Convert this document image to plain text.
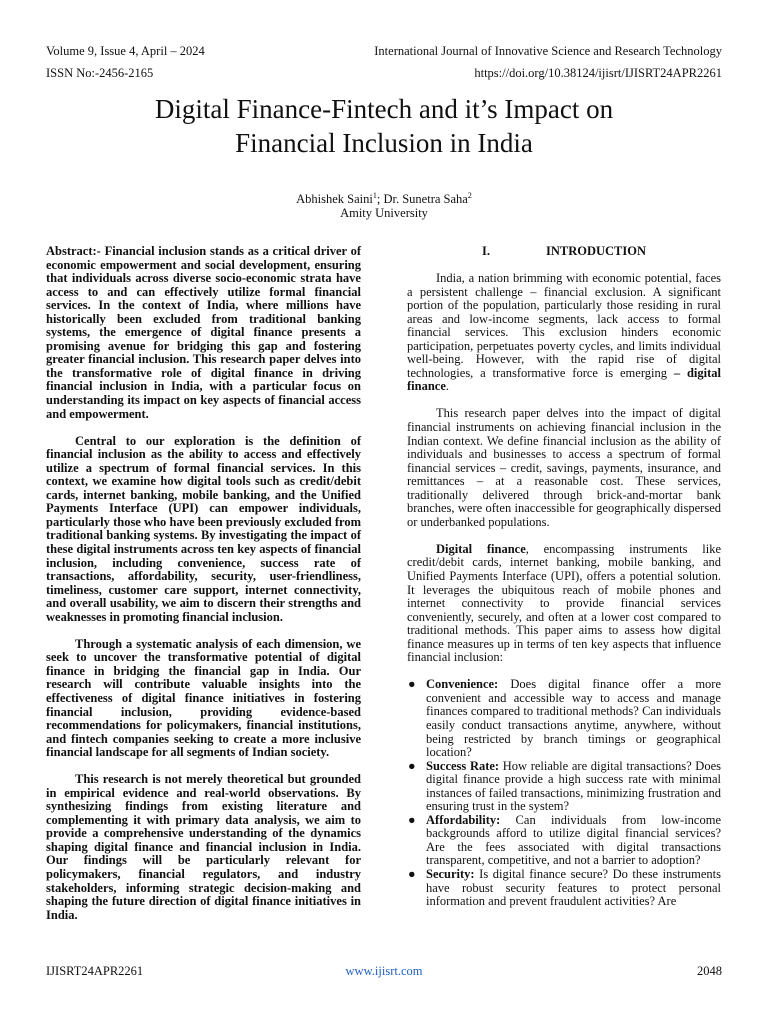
Volume 9, Issue 4, April – 2024
ISSN No:-2456-2165
International Journal of Innovative Science and Research Technology
https://doi.org/10.38124/ijisrt/IJISRT24APR2261
Digital Finance-Fintech and it’s Impact on
Financial Inclusion in India
Abhishek Saini$^1$; Dr. Sunetra Saha$^2$
Amity University

Abstract:- Financial inclusion stands as a critical driver of economic empowerment and social development, ensuring that individuals across diverse socio-economic strata have access to and can effectively utilize formal financial services. In the context of India, where millions have historically been excluded from traditional banking systems, the emergence of digital finance presents a promising avenue for bridging this gap and fostering greater financial inclusion. This research paper delves into the transformative role of digital finance in driving financial inclusion in India, with a particular focus on understanding its impact on key aspects of financial access and empowerment.

Central to our exploration is the definition of financial inclusion as the ability to access and effectively utilize a spectrum of formal financial services. In this context, we examine how digital tools such as credit/debit cards, internet banking, mobile banking, and the Unified Payments Interface (UPI) can empower individuals, particularly those who have been previously excluded from traditional banking systems. By investigating the impact of these digital instruments across ten key aspects of financial inclusion, including convenience, success rate of transactions, affordability, security, user-friendliness, timeliness, customer care support, internet connectivity, and overall usability, we aim to discern their strengths and weaknesses in promoting financial inclusion.

Through a systematic analysis of each dimension, we seek to uncover the transformative potential of digital finance in bridging the financial gap in India. Our research will contribute valuable insights into the effectiveness of digital finance initiatives in fostering financial inclusion, providing evidence-based recommendations for policymakers, financial institutions, and fintech companies seeking to create a more inclusive financial landscape for all segments of Indian society.

This research is not merely theoretical but grounded in empirical evidence and real-world observations. By synthesizing findings from existing literature and complementing it with primary data analysis, we aim to provide a comprehensive understanding of the dynamics shaping digital finance and financial inclusion in India. Our findings will be particularly relevant for policymakers, financial regulators, and industry stakeholders, informing strategic decision-making and shaping the future direction of digital finance initiatives in India.

I.	INTRODUCTION

India, a nation brimming with economic potential, faces a persistent challenge – financial exclusion. A significant portion of the population, particularly those residing in rural areas and low-income segments, lack access to formal financial services. This exclusion hinders economic participation, perpetuates poverty cycles, and limits individual well-being. However, with the rapid rise of digital technologies, a transformative force is emerging – digital finance.

This research paper delves into the impact of digital financial instruments on achieving financial inclusion in the Indian context. We define financial inclusion as the ability of individuals and businesses to access a spectrum of formal financial services – credit, savings, payments, insurance, and remittances – at a reasonable cost. These services, traditionally delivered through brick-and-mortar bank branches, were often inaccessible for geographically dispersed or underbanked populations.

Digital finance, encompassing instruments like credit/debit cards, internet banking, mobile banking, and Unified Payments Interface (UPI), offers a potential solution. It leverages the ubiquitous reach of mobile phones and internet connectivity to provide financial services conveniently, securely, and often at a lower cost compared to traditional methods. This paper aims to assess how digital finance measures up in terms of ten key aspects that influence financial inclusion:

● Convenience: Does digital finance offer a more convenient and accessible way to access and manage finances compared to traditional methods? Can individuals easily conduct transactions anytime, anywhere, without being restricted by branch timings or geographical location?
● Success Rate: How reliable are digital transactions? Does digital finance provide a high success rate with minimal instances of failed transactions, minimizing frustration and ensuring trust in the system?
● Affordability: Can individuals from low-income backgrounds afford to utilize digital financial services? Are the fees associated with digital transactions transparent, competitive, and not a barrier to adoption?
● Security: Is digital finance secure? Do these instruments have robust security features to protect personal information and prevent fraudulent activities? Are
IJISRT24APR2261	www.ijisrt.com	2048
